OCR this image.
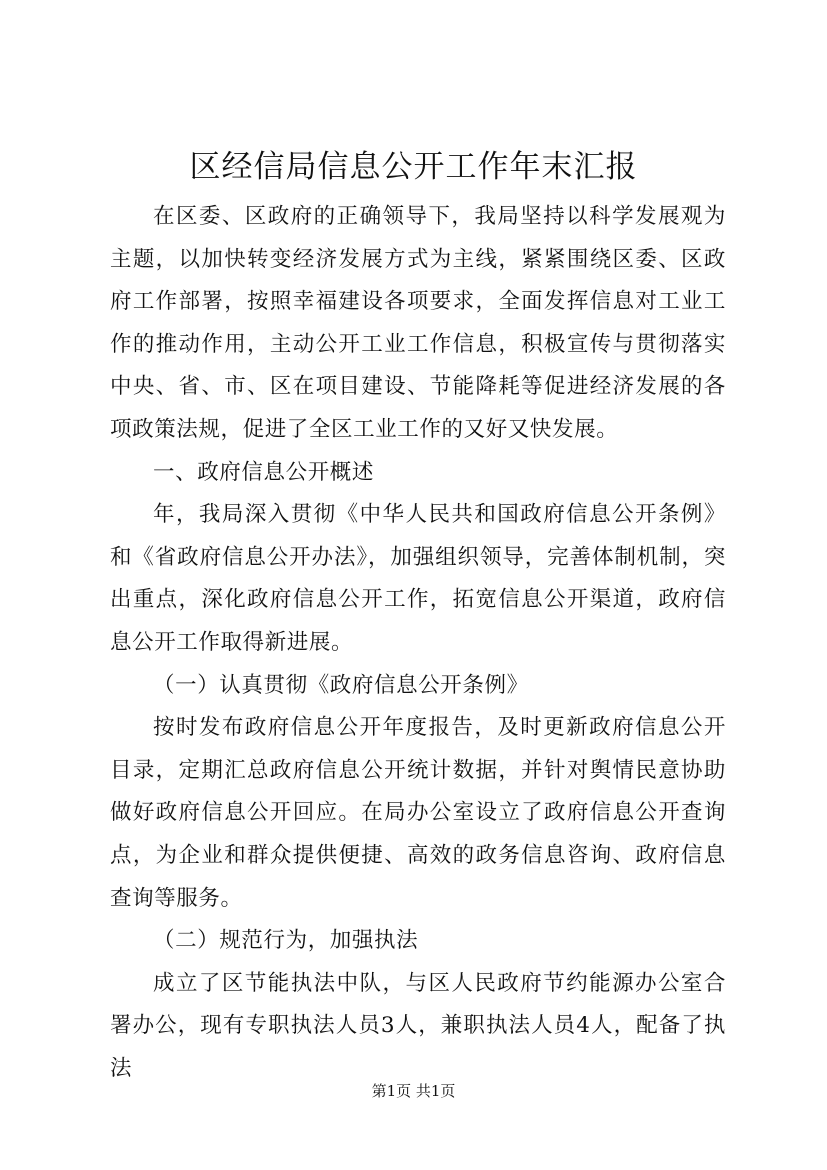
区经信局信息公开工作年末汇报

在区委、区政府的正确领导下，我局坚持以科学发展观为主题，以加快转变经济发展方式为主线，紧紧围绕区委、区政府工作部署，按照幸福建设各项要求，全面发挥信息对工业工作的推动作用，主动公开工业工作信息，积极宣传与贯彻落实中央、省、市、区在项目建设、节能降耗等促进经济发展的各项政策法规，促进了全区工业工作的又好又快发展。

一、政府信息公开概述

年，我局深入贯彻《中华人民共和国政府信息公开条例》和《省政府信息公开办法》，加强组织领导，完善体制机制，突出重点，深化政府信息公开工作，拓宽信息公开渠道，政府信息公开工作取得新进展。

（一）认真贯彻《政府信息公开条例》

按时发布政府信息公开年度报告，及时更新政府信息公开目录，定期汇总政府信息公开统计数据，并针对舆情民意协助做好政府信息公开回应。在局办公室设立了政府信息公开查询点，为企业和群众提供便捷、高效的政务信息咨询、政府信息查询等服务。

（二）规范行为，加强执法

成立了区节能执法中队，与区人民政府节约能源办公室合署办公，现有专职执法人员3人，兼职执法人员4人，配备了执法

第1页 共1页
